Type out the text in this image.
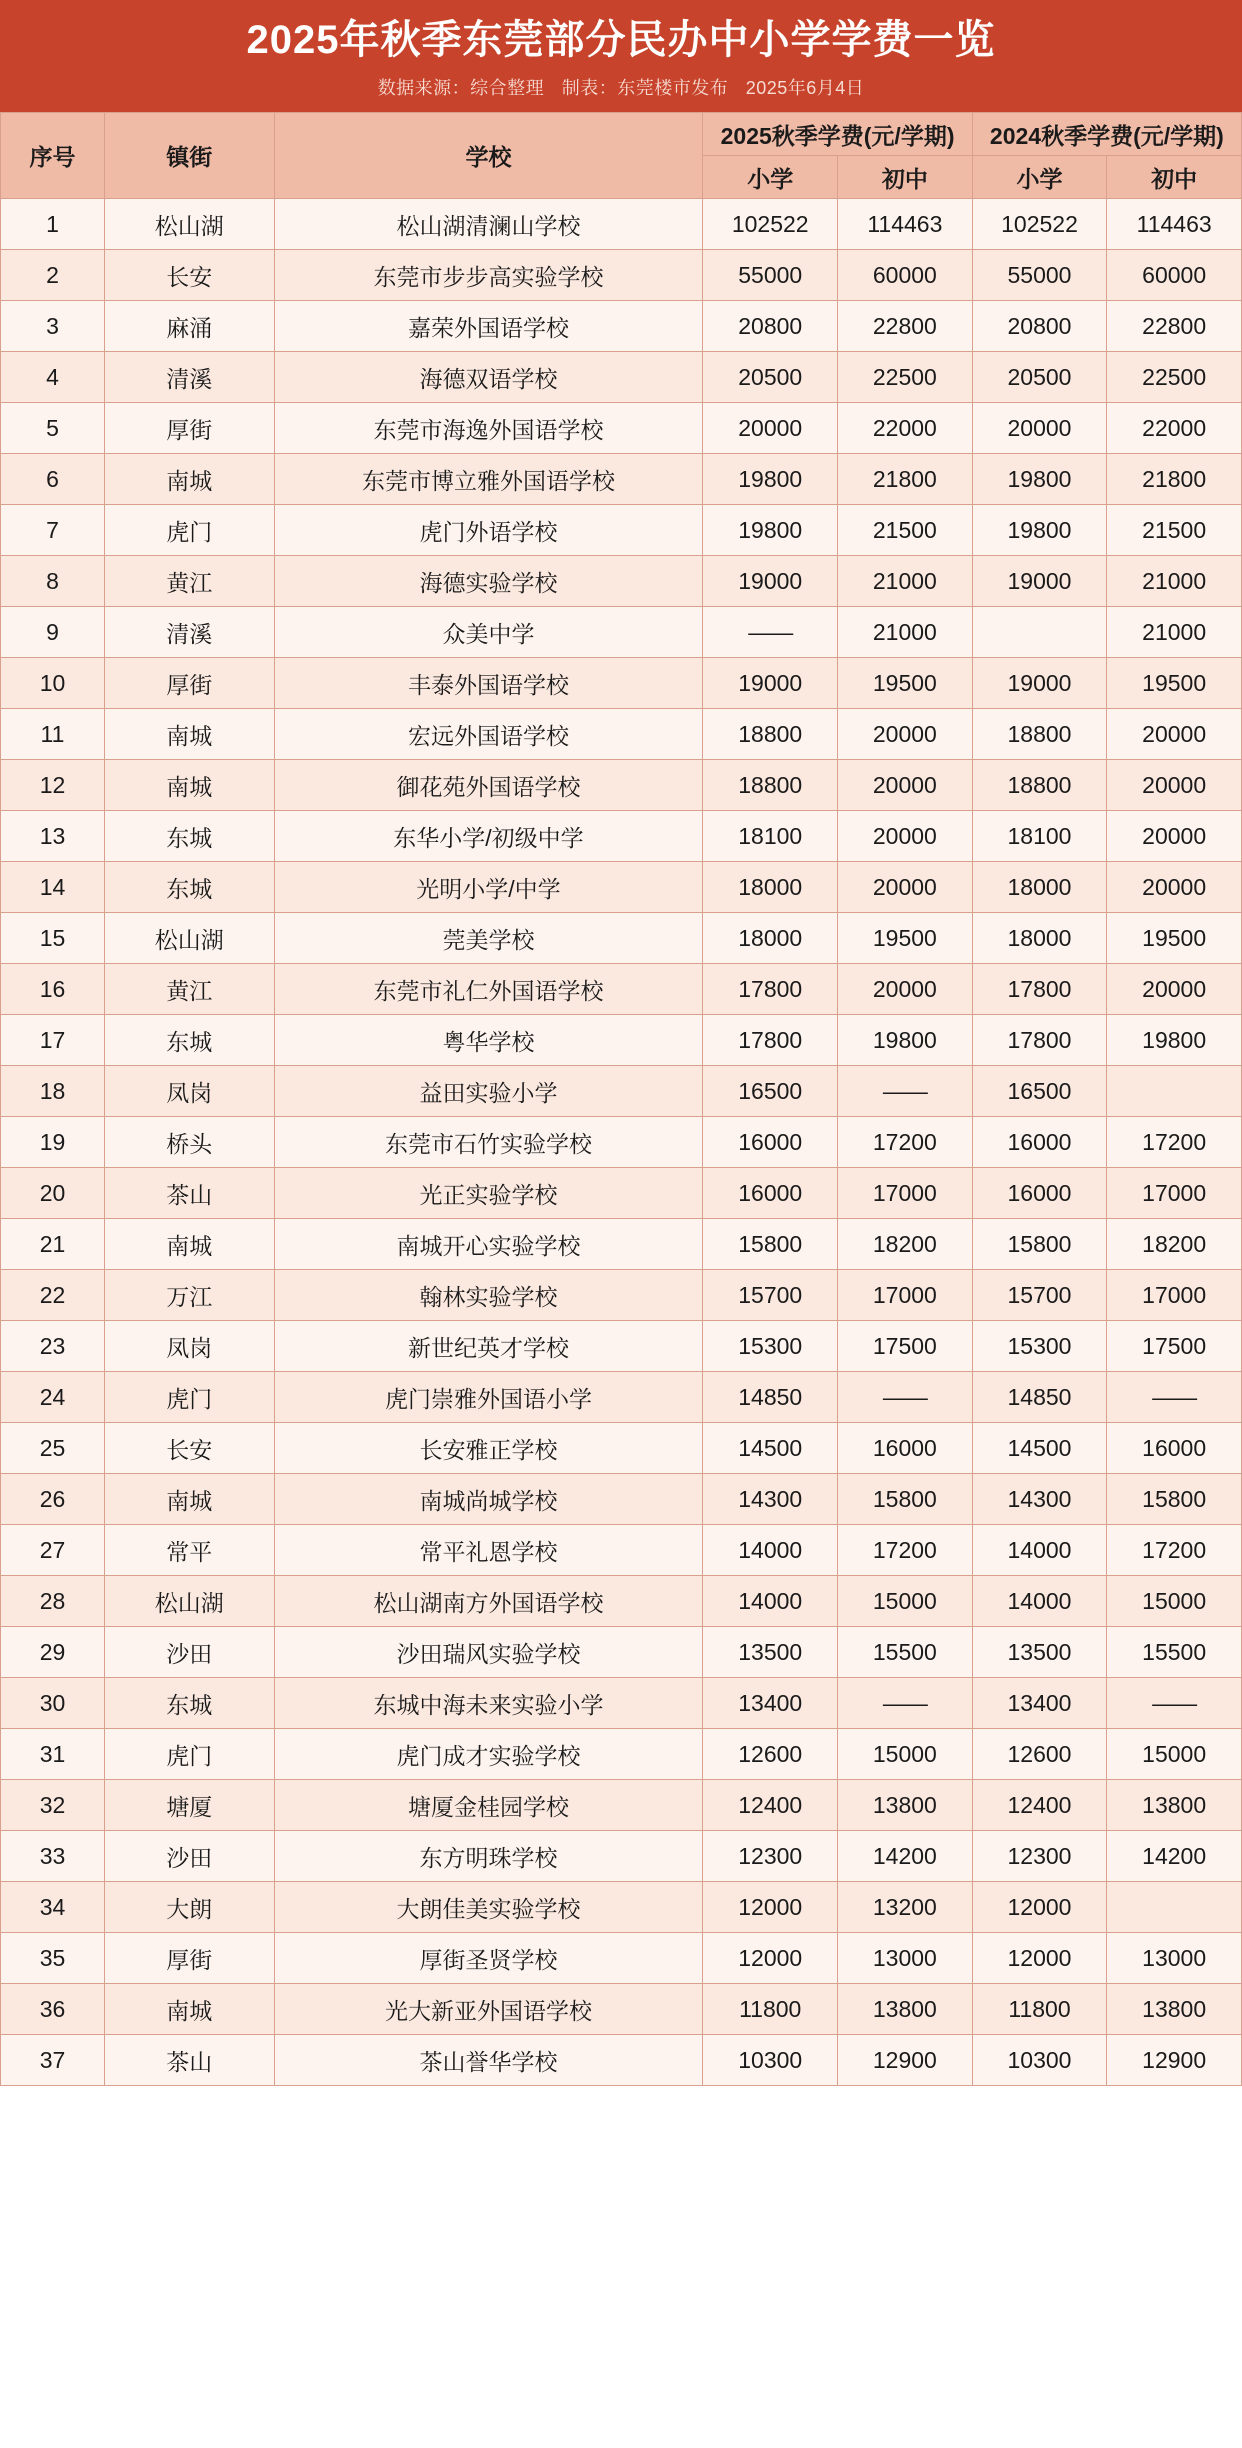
2025年秋季东莞部分民办中小学学费一览
数据来源：综合整理 制表：东莞楼市发布 2025年6月4日
序号	镇街	学校	2025秋季学费(元/学期)		2024秋季学费(元/学期)	
			小学	初中	小学	初中
1	松山湖	松山湖清澜山学校	102522	114463	102522	114463
2	长安	东莞市步步高实验学校	55000	60000	55000	60000
3	麻涌	嘉荣外国语学校	20800	22800	20800	22800
4	清溪	海德双语学校	20500	22500	20500	22500
5	厚街	东莞市海逸外国语学校	20000	22000	20000	22000
6	南城	东莞市博立雅外国语学校	19800	21800	19800	21800
7	虎门	虎门外语学校	19800	21500	19800	21500
8	黄江	海德实验学校	19000	21000	19000	21000
9	清溪	众美中学	——	21000		21000
10	厚街	丰泰外国语学校	19000	19500	19000	19500
11	南城	宏远外国语学校	18800	20000	18800	20000
12	南城	御花苑外国语学校	18800	20000	18800	20000
13	东城	东华小学/初级中学	18100	20000	18100	20000
14	东城	光明小学/中学	18000	20000	18000	20000
15	松山湖	莞美学校	18000	19500	18000	19500
16	黄江	东莞市礼仁外国语学校	17800	20000	17800	20000
17	东城	粤华学校	17800	19800	17800	19800
18	凤岗	益田实验小学	16500	——	16500	
19	桥头	东莞市石竹实验学校	16000	17200	16000	17200
20	茶山	光正实验学校	16000	17000	16000	17000
21	南城	南城开心实验学校	15800	18200	15800	18200
22	万江	翰林实验学校	15700	17000	15700	17000
23	凤岗	新世纪英才学校	15300	17500	15300	17500
24	虎门	虎门崇雅外国语小学	14850	——	14850	——
25	长安	长安雅正学校	14500	16000	14500	16000
26	南城	南城尚城学校	14300	15800	14300	15800
27	常平	常平礼恩学校	14000	17200	14000	17200
28	松山湖	松山湖南方外国语学校	14000	15000	14000	15000
29	沙田	沙田瑞风实验学校	13500	15500	13500	15500
30	东城	东城中海未来实验小学	13400	——	13400	——
31	虎门	虎门成才实验学校	12600	15000	12600	15000
32	塘厦	塘厦金桂园学校	12400	13800	12400	13800
33	沙田	东方明珠学校	12300	14200	12300	14200
34	大朗	大朗佳美实验学校	12000	13200	12000	
35	厚街	厚街圣贤学校	12000	13000	12000	13000
36	南城	光大新亚外国语学校	11800	13800	11800	13800
37	茶山	茶山誉华学校	10300	12900	10300	12900
